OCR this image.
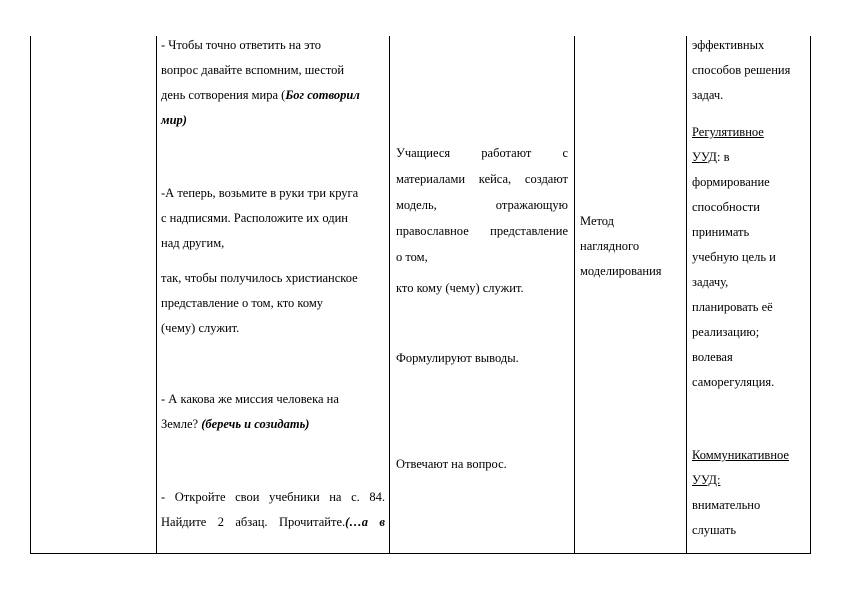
- Чтобы точно ответить на это

вопрос давайте вспомним, шестой

день сотворения мира (Бог сотворил

мир)

-А теперь, возьмите в руки три круга

с надписями. Расположите их один

над другим,

так, чтобы получилось христианское

представление о том, кто кому

(чему) служит.

- А какова же миссия человека на

Земле? (беречь и созидать)

- Откройте свои учебники на с. 84.

Найдите 2 абзац. Прочитайте.(…а в

Учащиеся работают с

материалами кейса, создают

модель, отражающую

православное представление

о том,

кто кому (чему) служит.

Формулируют выводы.

Отвечают на вопрос.

Метод

наглядного

моделирования

эффективных

способов решения

задач.

Регулятивное

УУД: в

формирование

способности

принимать

учебную цель и

задачу,

планировать её

реализацию;

волевая

саморегуляция.

Коммуникативное

УУД:

внимательно

слушать
